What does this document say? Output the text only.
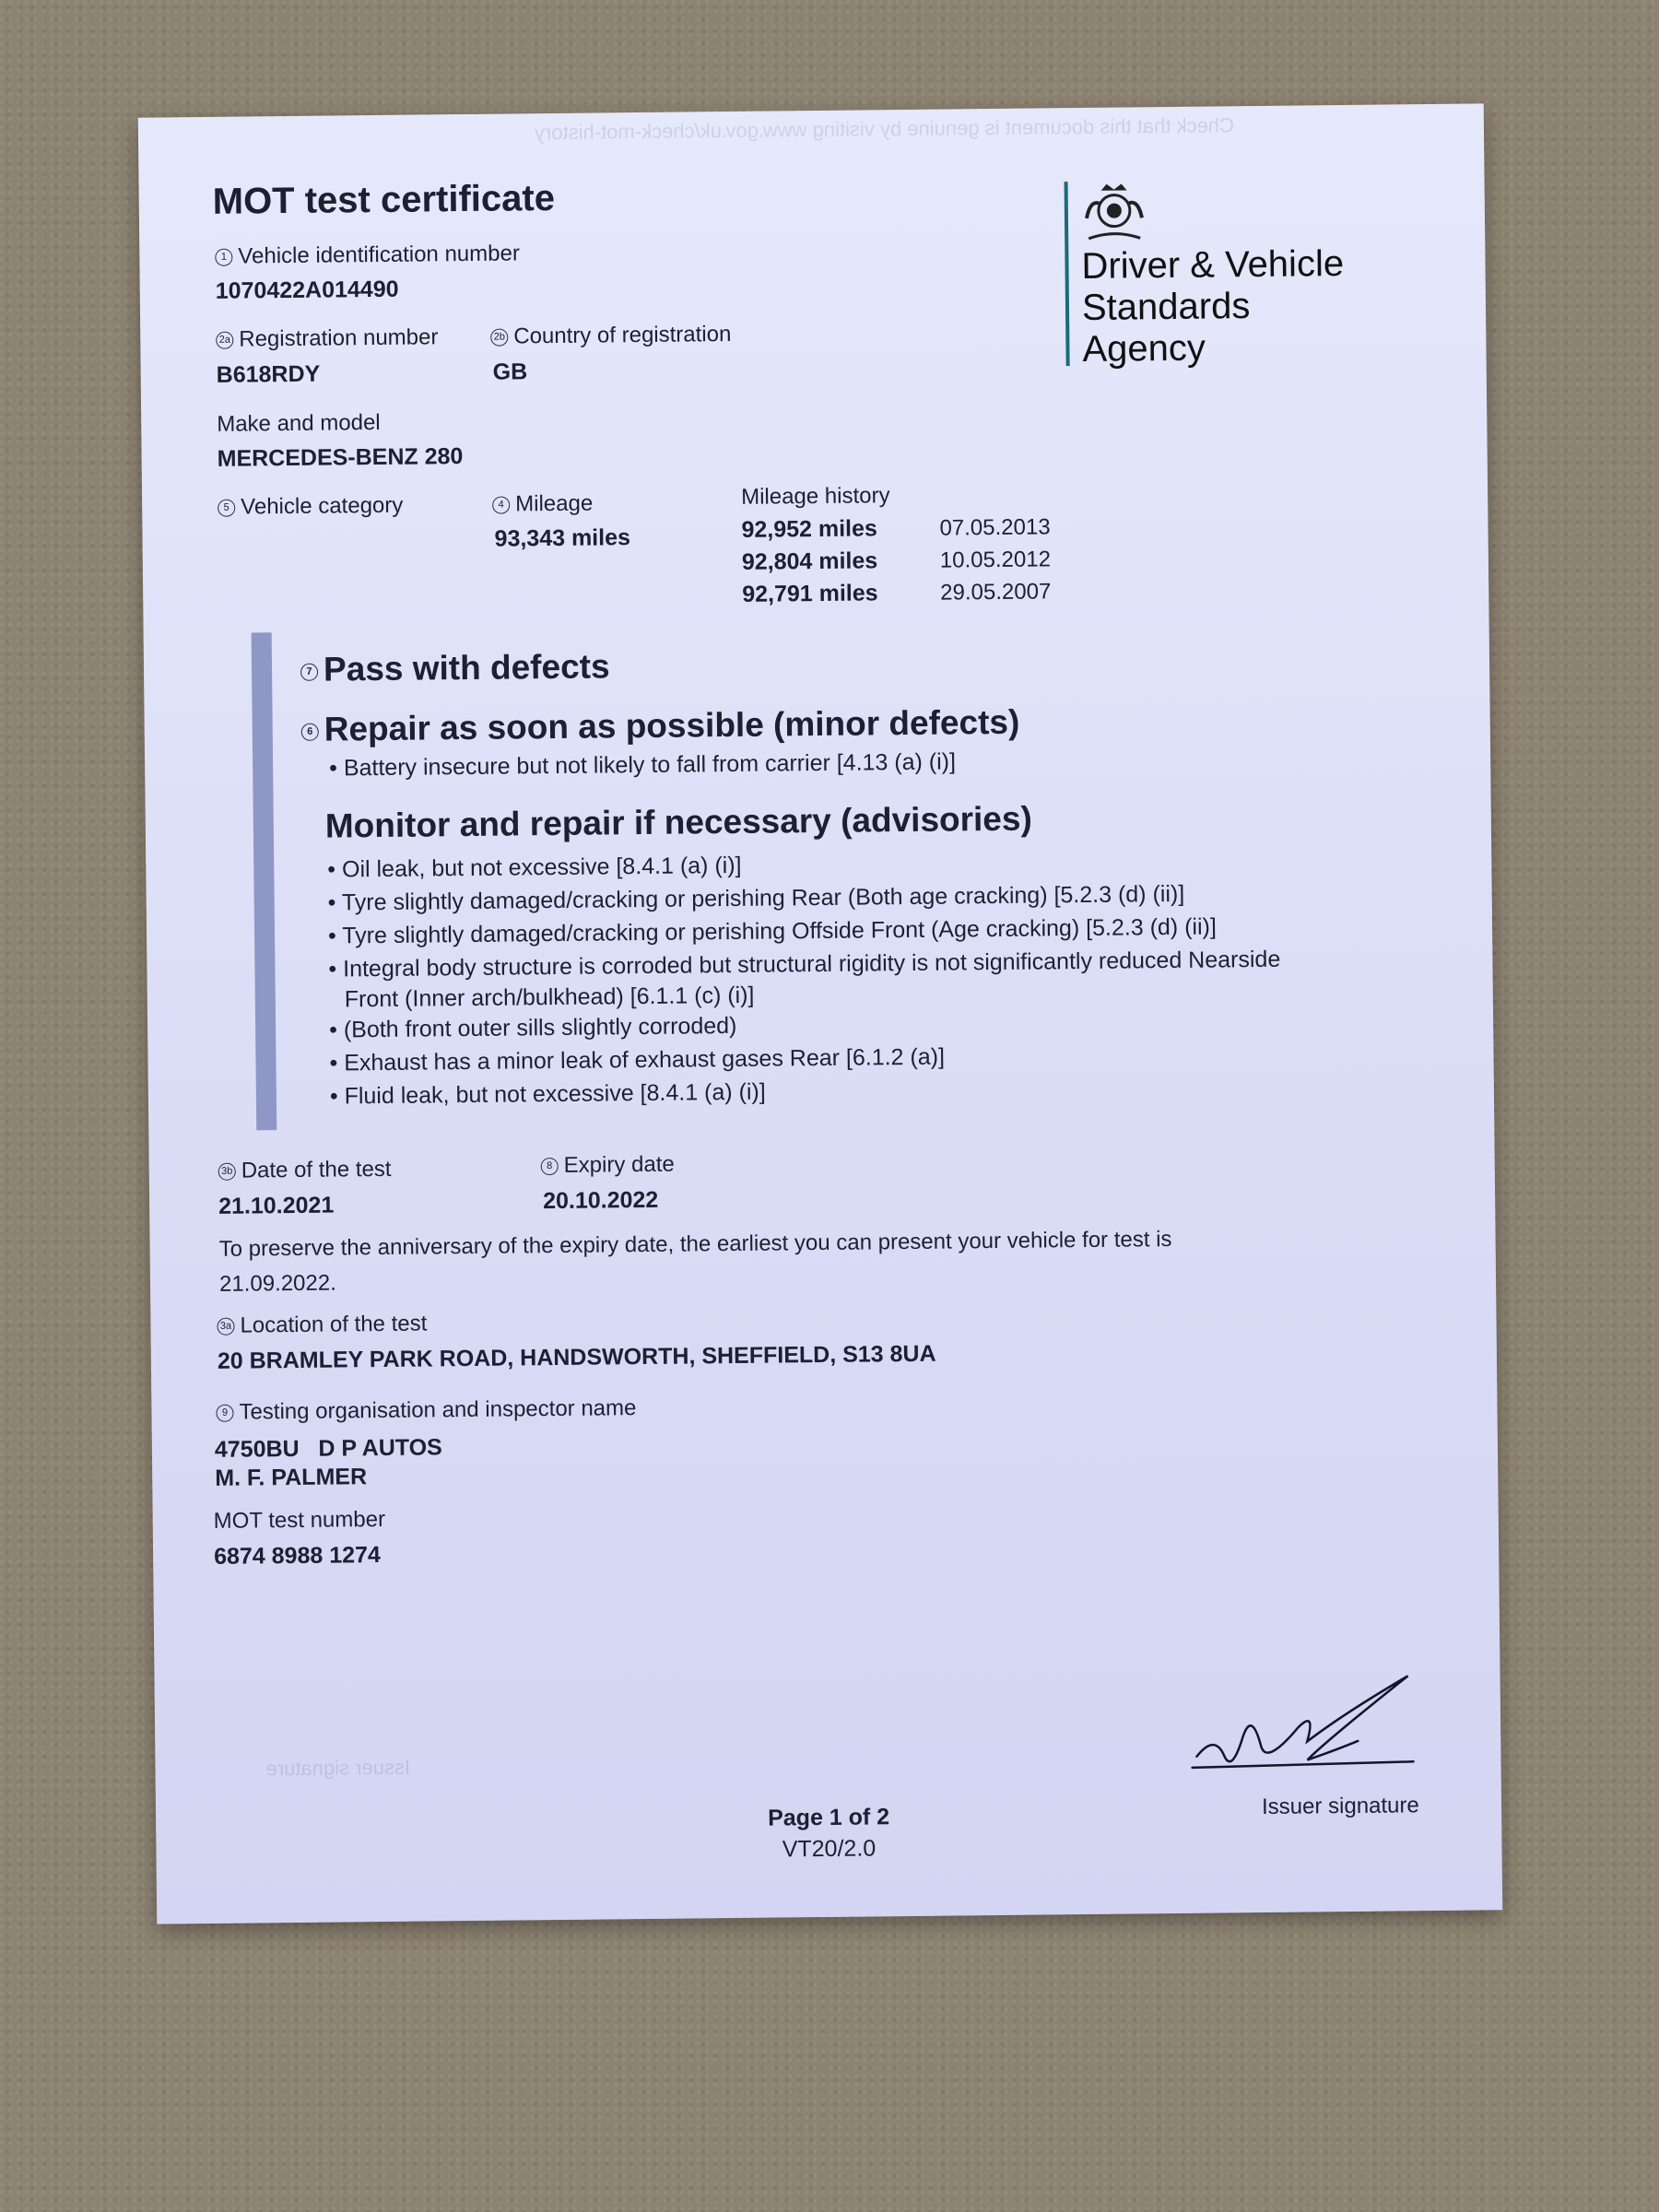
Check that this document is genuine by visiting www.gov.uk/check-mot-history
Issuer signature
MOT test certificate
Driver & Vehicle
Standards
Agency
1 Vehicle identification number
1070422A014490
2a Registration number
B618RDY
2b Country of registration
GB
Make and model
MERCEDES-BENZ 280
5 Vehicle category	4 Mileage
93,343 miles
Mileage history
92,952 miles	07.05.2013
92,804 miles	10.05.2012
92,791 miles	29.05.2007
7 Pass with defects
6 Repair as soon as possible (minor defects)
• Battery insecure but not likely to fall from carrier [4.13 (a) (i)]
Monitor and repair if necessary (advisories)
• Oil leak, but not excessive [8.4.1 (a) (i)]
• Tyre slightly damaged/cracking or perishing Rear (Both age cracking) [5.2.3 (d) (ii)]
• Tyre slightly damaged/cracking or perishing Offside Front (Age cracking) [5.2.3 (d) (ii)]
• Integral body structure is corroded but structural rigidity is not significantly reduced Nearside
Front (Inner arch/bulkhead) [6.1.1 (c) (i)]
• (Both front outer sills slightly corroded)
• Exhaust has a minor leak of exhaust gases Rear [6.1.2 (a)]
• Fluid leak, but not excessive [8.4.1 (a) (i)]
3b Date of the test
21.10.2021
8 Expiry date
20.10.2022
To preserve the anniversary of the expiry date, the earliest you can present your vehicle for test is
21.09.2022.
3a Location of the test
20 BRAMLEY PARK ROAD, HANDSWORTH, SHEFFIELD, S13 8UA
9 Testing organisation and inspector name
4750BU   D P AUTOS
M. F. PALMER
MOT test number
6874 8988 1274
Issuer signature
Page 1 of 2
VT20/2.0
